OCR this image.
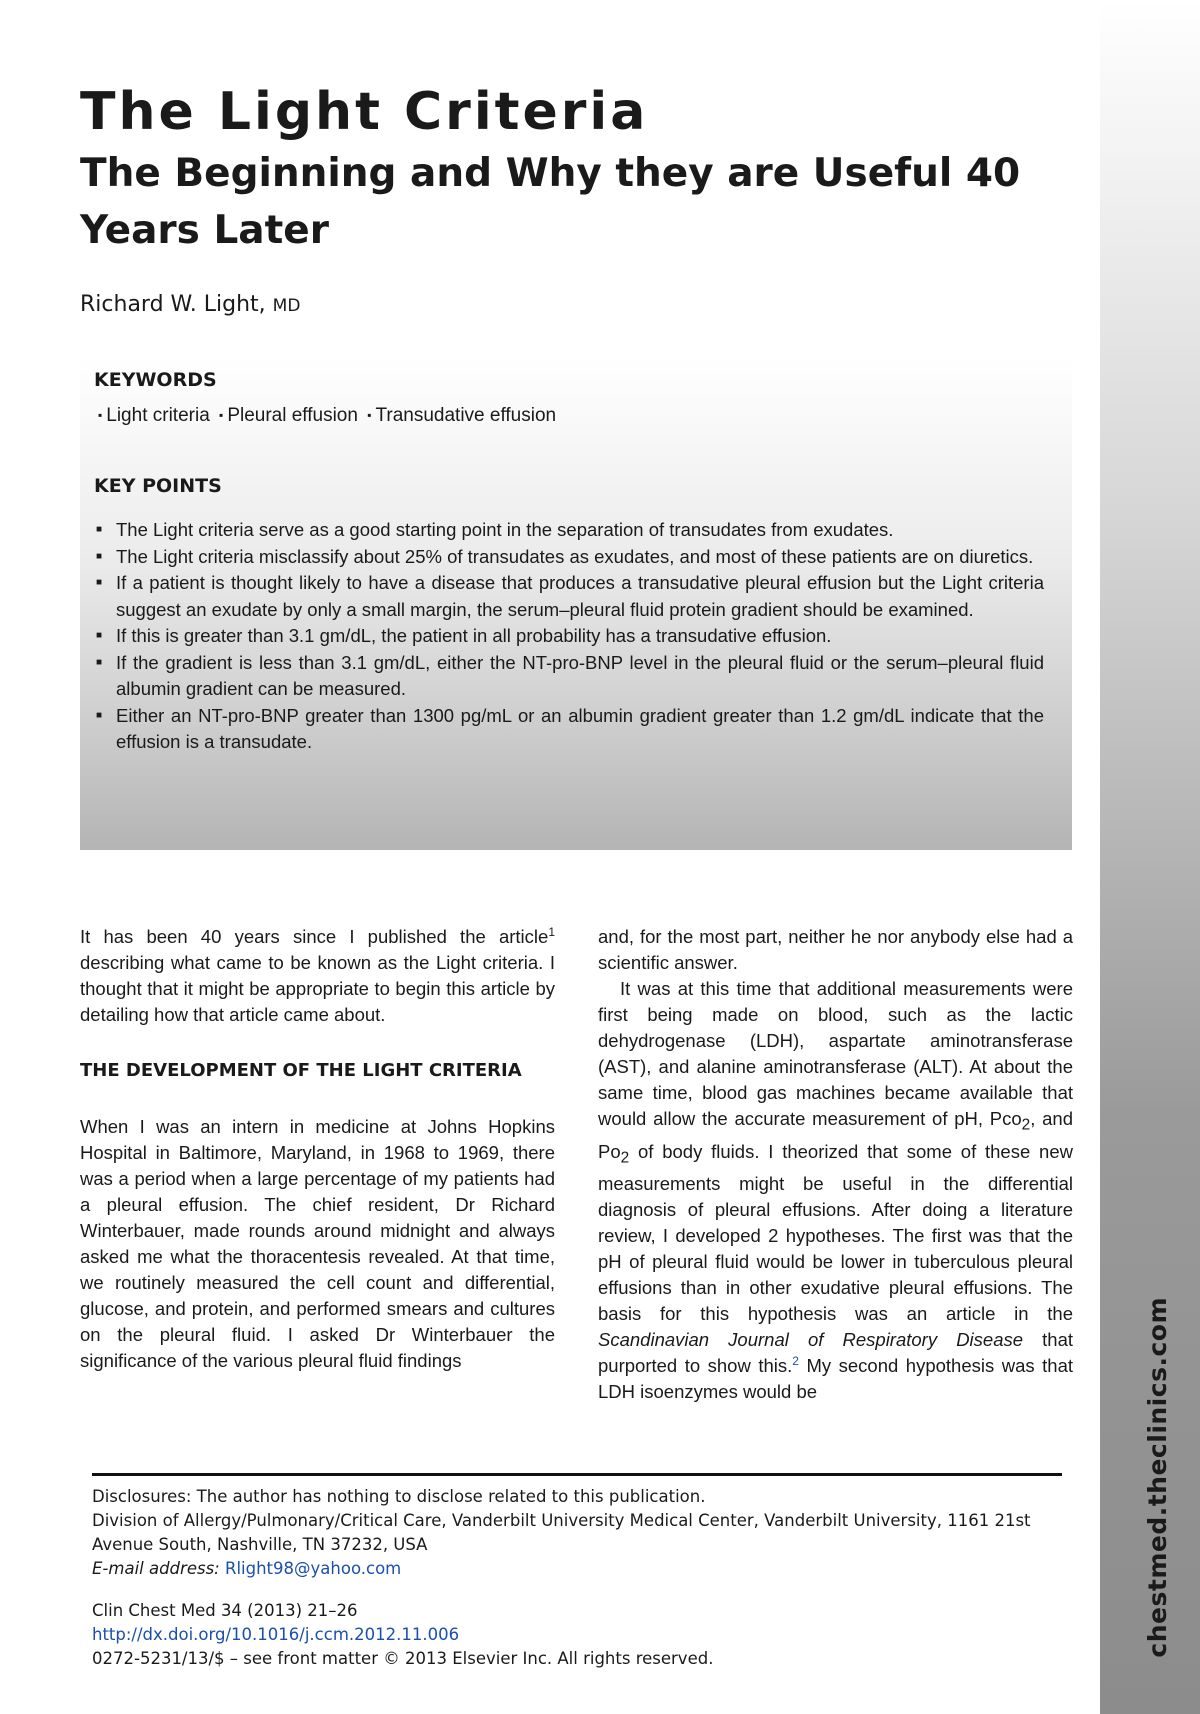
chestmed.theclinics.com
The Light Criteria
The Beginning and Why they are Useful 40 Years Later
Richard W. Light, MD
KEYWORDS
▪ Light criteria ▪ Pleural effusion ▪ Transudative effusion
KEY POINTS
■ The Light criteria serve as a good starting point in the separation of transudates from exudates.
■ The Light criteria misclassify about 25% of transudates as exudates, and most of these patients are on diuretics.
■ If a patient is thought likely to have a disease that produces a transudative pleural effusion but the Light criteria suggest an exudate by only a small margin, the serum–pleural fluid protein gradient should be examined.
■ If this is greater than 3.1 gm/dL, the patient in all probability has a transudative effusion.
■ If the gradient is less than 3.1 gm/dL, either the NT-pro-BNP level in the pleural fluid or the serum–pleural fluid albumin gradient can be measured.
■ Either an NT-pro-BNP greater than 1300 pg/mL or an albumin gradient greater than 1.2 gm/dL indicate that the effusion is a transudate.

It has been 40 years since I published the article$^1$ describing what came to be known as the Light criteria. I thought that it might be appropriate to begin this article by detailing how that article came about.

THE DEVELOPMENT OF THE LIGHT CRITERIA

When I was an intern in medicine at Johns Hopkins Hospital in Baltimore, Maryland, in 1968 to 1969, there was a period when a large percentage of my patients had a pleural effusion. The chief resident, Dr Richard Winterbauer, made rounds around midnight and always asked me what the thoracentesis revealed. At that time, we routinely measured the cell count and differential, glucose, and protein, and performed smears and cultures on the pleural fluid. I asked Dr Winterbauer the significance of the various pleural fluid findings

and, for the most part, neither he nor anybody else had a scientific answer.

It was at this time that additional measurements were first being made on blood, such as the lactic dehydrogenase (LDH), aspartate aminotransferase (AST), and alanine aminotransferase (ALT). At about the same time, blood gas machines became available that would allow the accurate measurement of pH, Pco$_2$, and $Po_2$ of body fluids. I theorized that some of these new measurements might be useful in the differential diagnosis of pleural effusions. After doing a literature review, I developed 2 hypotheses. The first was that the pH of pleural fluid would be lower in tuberculous pleural effusions than in other exudative pleural effusions. The basis for this hypothesis was an article in the Scandinavian Journal of Respiratory Disease that purported to show this.$^2$ My second hypothesis was that LDH isoenzymes would be

Disclosures: The author has nothing to disclose related to this publication.

Division of Allergy/Pulmonary/Critical Care, Vanderbilt University Medical Center, Vanderbilt University, 1161 21st Avenue South, Nashville, TN 37232, USA

E-mail address: Rlight98@yahoo.com

Clin Chest Med 34 (2013) 21–26

http://dx.doi.org/10.1016/j.ccm.2012.11.006

0272-5231/13/$ – see front matter © 2013 Elsevier Inc. All rights reserved.
